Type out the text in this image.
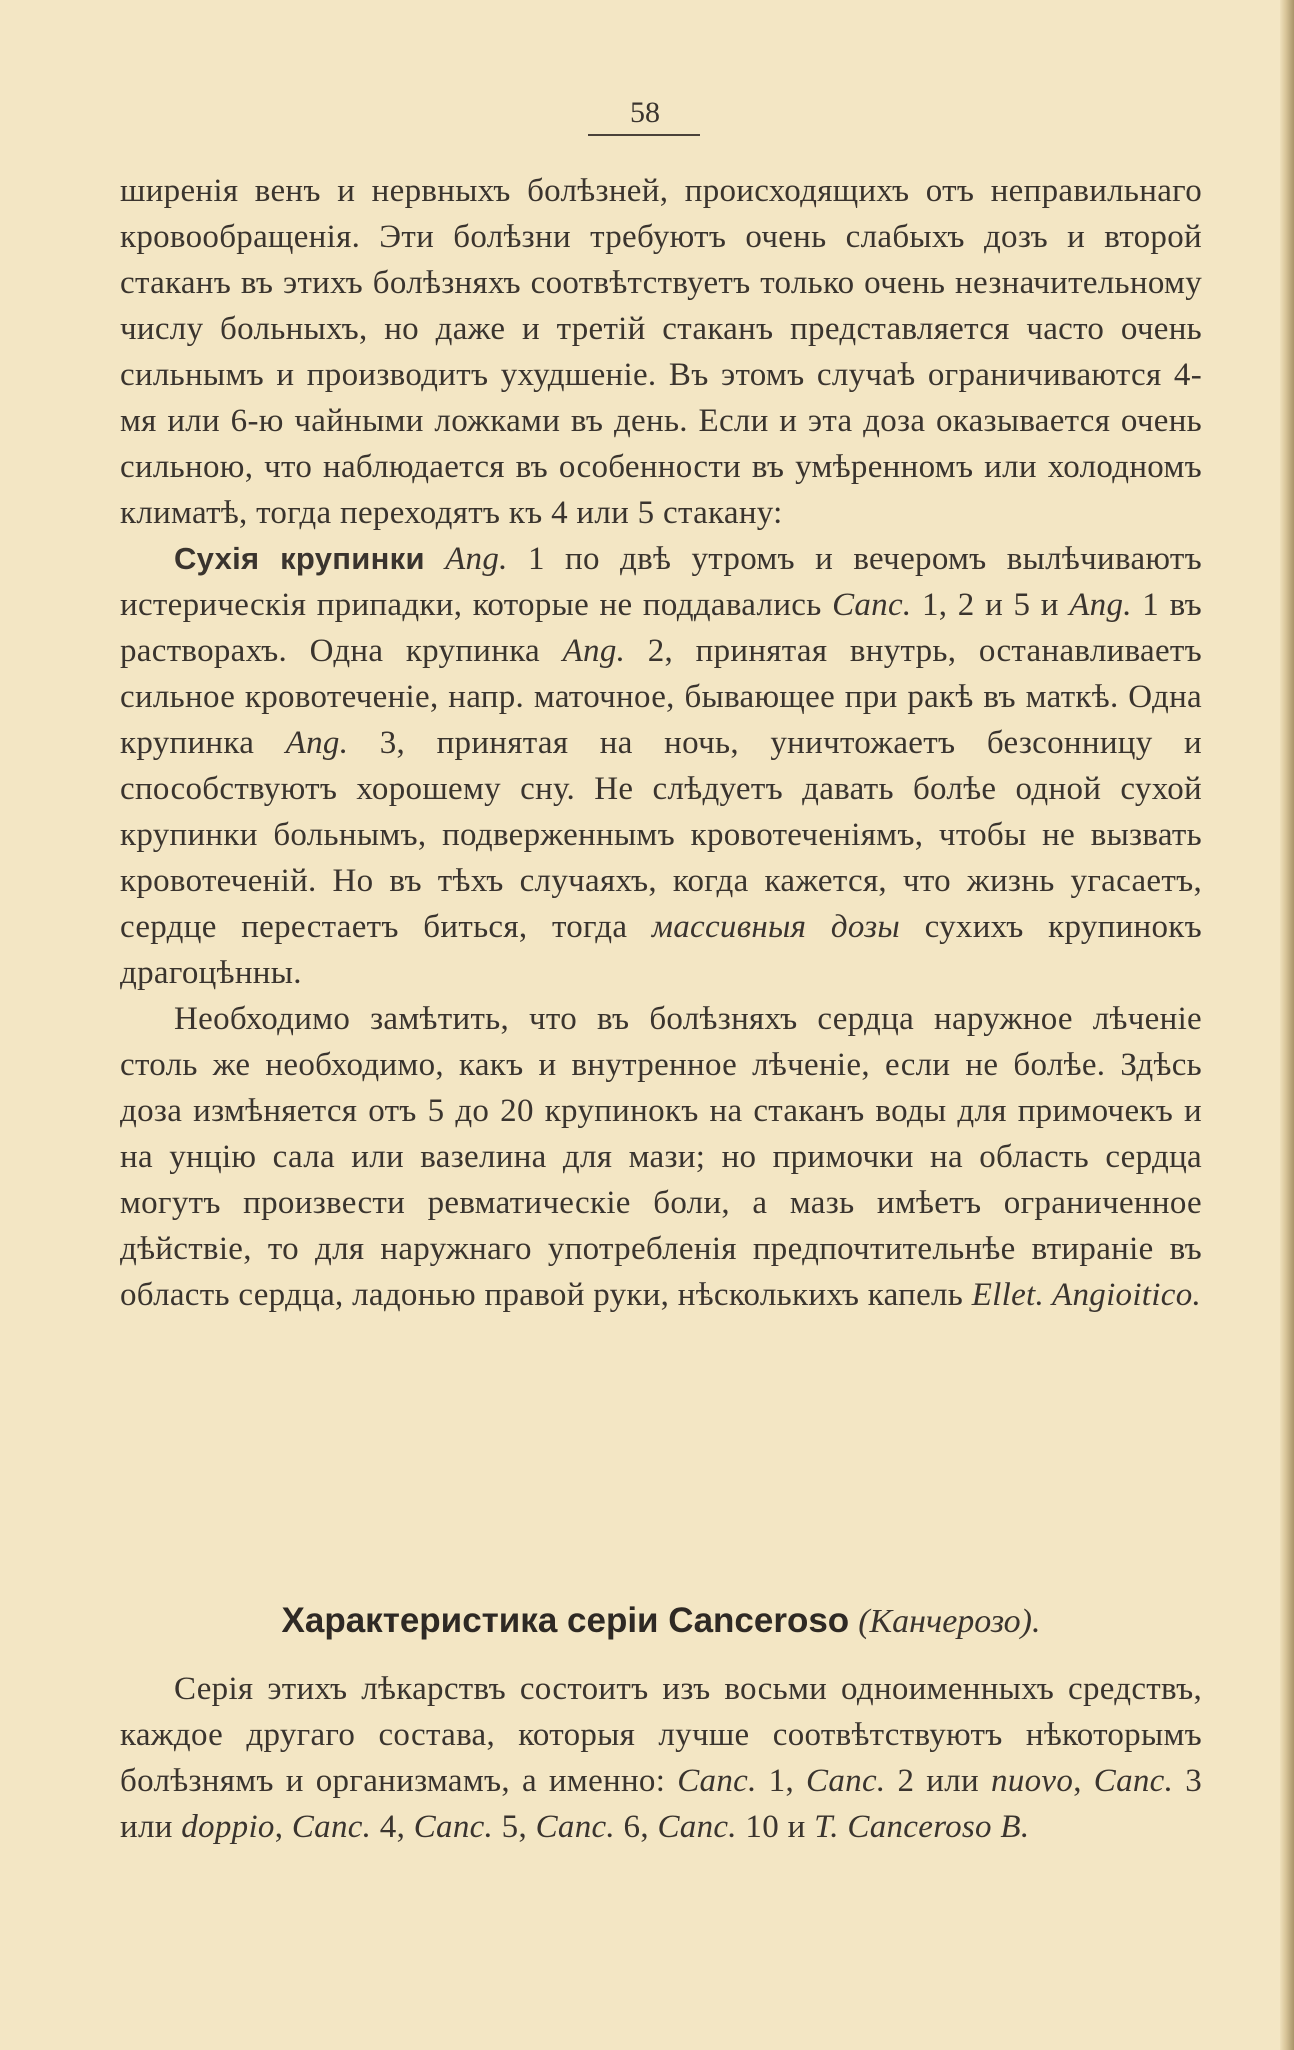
58

ширенія венъ и нервныхъ болѣзней, происходящихъ отъ неправильнаго кровообращенія. Эти болѣзни требуютъ очень слабыхъ дозъ и второй стаканъ въ этихъ болѣзняхъ соотвѣтствуетъ только очень незначительному числу больныхъ, но даже и третій стаканъ представляется часто очень сильнымъ и производитъ ухудшеніе. Въ этомъ случаѣ ограничиваются 4-мя или 6-ю чайными ложками въ день. Если и эта доза оказывается очень сильною, что наблюдается въ особенности въ умѣренномъ или холодномъ климатѣ, тогда переходятъ къ 4 или 5 стакану:

Сухія крупинки Ang. 1 по двѣ утромъ и вечеромъ вылѣчиваютъ истерическія припадки, которые не поддавались Canc. 1, 2 и 5 и Ang. 1 въ растворахъ. Одна крупинка Ang. 2, принятая внутрь, останавливаетъ сильное кровотеченіе, напр. маточное, бывающее при ракѣ въ маткѣ. Одна крупинка Ang. 3, принятая на ночь, уничтожаетъ безсонницу и способствуютъ хорошему сну. Не слѣдуетъ давать болѣе одной сухой крупинки больнымъ, подверженнымъ кровотеченіямъ, чтобы не вызвать кровотеченій. Но въ тѣхъ случаяхъ, когда кажется, что жизнь угасаетъ, сердце перестаетъ биться, тогда массивныя дозы сухихъ крупинокъ драгоцѣнны.

Необходимо замѣтить, что въ болѣзняхъ сердца наружное лѣченіе столь же необходимо, какъ и внутренное лѣченіе, если не болѣе. Здѣсь доза измѣняется отъ 5 до 20 крупинокъ на стаканъ воды для примочекъ и на унцію сала или вазелина для мази; но примочки на область сердца могутъ произвести ревматическіе боли, а мазь имѣетъ ограниченное дѣйствіе, то для наружнаго употребленія предпочтительнѣе втираніе въ область сердца, ладонью правой руки, нѣсколькихъ капель Ellet. Angioitico.

Характеристика серіи Canceroso (Канчерозо).

Серія этихъ лѣкарствъ состоитъ изъ восьми одноименныхъ средствъ, каждое другаго состава, которыя лучше соотвѣтствуютъ нѣкоторымъ болѣзнямъ и организмамъ, а именно: Canc. 1, Canc. 2 или nuovo, Canc. 3 или doppio, Canc. 4, Canc. 5, Canc. 6, Canc. 10 и T. Canceroso B.
